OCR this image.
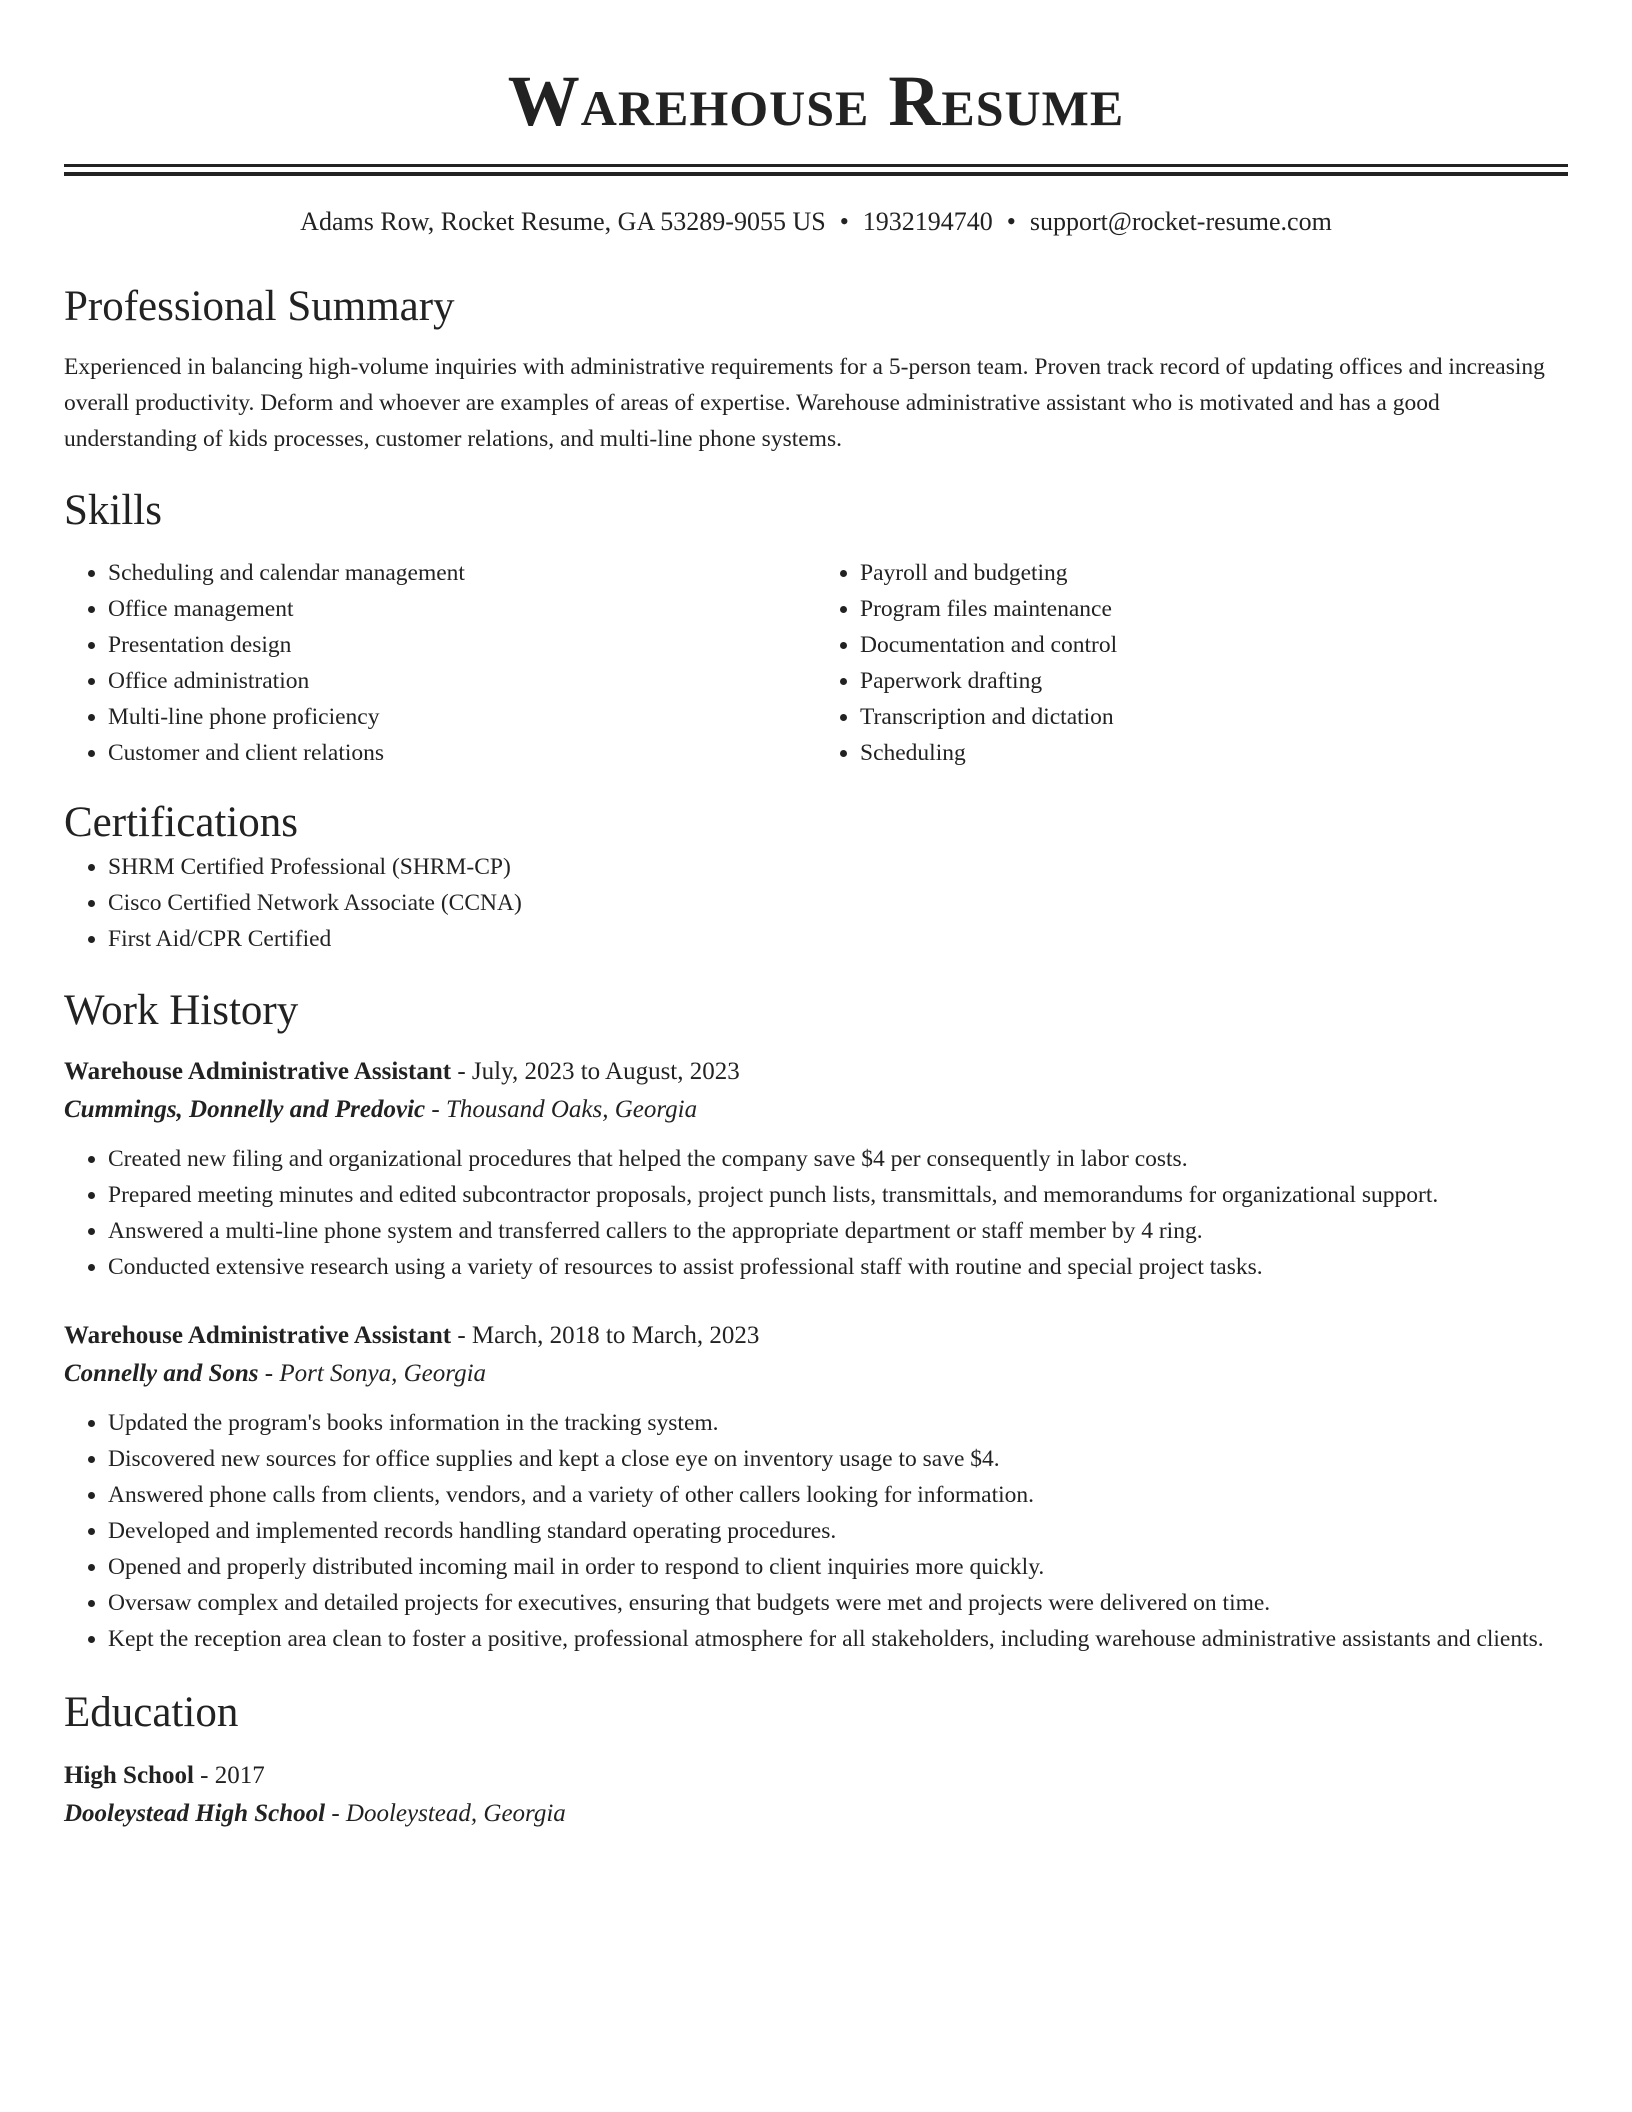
Warehouse Resume
Adams Row, Rocket Resume, GA 53289-9055 US • 1932194740 • support@rocket-resume.com
Professional Summary

Experienced in balancing high-volume inquiries with administrative requirements for a 5-person team. Proven track record of updating offices and increasing overall productivity. Deform and whoever are examples of areas of expertise. Warehouse administrative assistant who is motivated and has a good understanding of kids processes, customer relations, and multi-line phone systems.

Skills
• Scheduling and calendar management
• Office management
• Presentation design
• Office administration
• Multi-line phone proficiency
• Customer and client relations
• Payroll and budgeting
• Program files maintenance
• Documentation and control
• Paperwork drafting
• Transcription and dictation
• Scheduling
Certifications
• SHRM Certified Professional (SHRM-CP)
• Cisco Certified Network Associate (CCNA)
• First Aid/CPR Certified
Work History
Warehouse Administrative Assistant - July, 2023 to August, 2023
Cummings, Donnelly and Predovic - Thousand Oaks, Georgia
• Created new filing and organizational procedures that helped the company save $4 per consequently in labor costs.
• Prepared meeting minutes and edited subcontractor proposals, project punch lists, transmittals, and memorandums for organizational support.
• Answered a multi-line phone system and transferred callers to the appropriate department or staff member by 4 ring.
• Conducted extensive research using a variety of resources to assist professional staff with routine and special project tasks.
Warehouse Administrative Assistant - March, 2018 to March, 2023
Connelly and Sons - Port Sonya, Georgia
• Updated the program's books information in the tracking system.
• Discovered new sources for office supplies and kept a close eye on inventory usage to save $4.
• Answered phone calls from clients, vendors, and a variety of other callers looking for information.
• Developed and implemented records handling standard operating procedures.
• Opened and properly distributed incoming mail in order to respond to client inquiries more quickly.
• Oversaw complex and detailed projects for executives, ensuring that budgets were met and projects were delivered on time.
• Kept the reception area clean to foster a positive, professional atmosphere for all stakeholders, including warehouse administrative assistants and clients.
Education
High School - 2017
Dooleystead High School - Dooleystead, Georgia
